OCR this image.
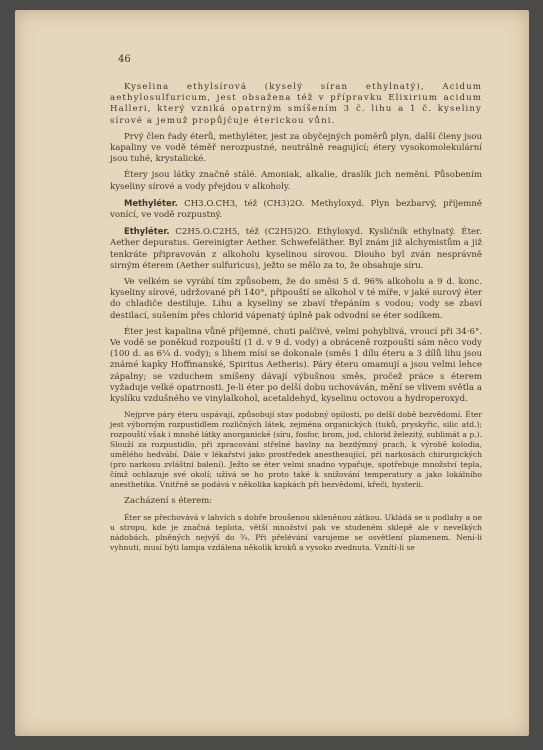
46

Kyselina ethylsírová (kyselý síran ethylnatý), Acidum aethylosulfuricum, jest obsažena též v přípravku Elixirium acidum Halleri, který vzniká opatrným smíšením 3 č. lihu a 1 č. kyseliny sírové a jemuž propůjčuje éterickou vůni.

Prvý člen řady éterů, methyléter, jest za obyčejných poměrů plyn, další členy jsou kapaliny ve vodě téměř nerozpustné, neutrálně reagující; étery vysokomolekulární jsou tuhé, krystalické.

Étery jsou látky značně stálé. Amoniak, alkalie, draslík jich nemění. Působením kyseliny sírové a vody přejdou v alkoholy.

Methyléter. CH3.O.CH3, též (CH3)2O. Methyloxyd. Plyn bezbarvý, příjemně vonící, ve vodě rozpustný.

Ethyléter. C2H5.O.C2H5, též (C2H5)2O. Ethyloxyd. Kysličník ethylnatý. Éter. Aether depuratus. Gereinigter Aether. Schwefeläther. Byl znám již alchymistům a již tenkráte připravován z alkoholu kyselinou sírovou. Dlouho byl zván nesprávně sirným éterem (Aether sulfuricus), ježto se mělo za to, že obsahuje síru.

Ve velkém se vyrábí tím způsobem, že do směsi 5 d. 96% alkoholu a 9 d. konc. kyseliny sírové, udržované při 140°, připouští se alkohol v té míře, v jaké surový éter do chladiče destiluje. Lihu a kyseliny se zbaví třepáním s vodou; vody se zbaví destilací, sušením přes chlorid vápenatý úplně pak odvodní se éter sodíkem.

Éter jest kapalina vůně příjemné, chuti palčivé, velmi pohyblivá, vroucí při 34·6°. Ve vodě se poněkud rozpouští (1 d. v 9 d. vody) a obráceně rozpouští sám něco vody (100 d. as 6¼ d. vody); s lihem mísí se dokonale (směs 1 dílu éteru a 3 dílů lihu jsou známé kapky Hoffmanské, Spiritus Aetheris). Páry éteru omamují a jsou velmi lehce zápalny; se vzduchem smíšeny dávají výbušnou směs, pročež práce s éterem vyžaduje velké opatrnosti. Je-li éter po delší dobu uchováván, mění se vlivem světla a kyslíku vzdušného ve vinylalkohol, acetaldehyd, kyselinu octovou a hydroperoxyd.

Nejprve páry éteru uspávají, způsobují stav podobný opilosti, po delší době bezvědomí. Éter jest výborným rozpustidlem rozličných látek, zejména organických (tuků, pryskyřic, silic atd.); rozpouští však i mnohé látky anorganické (síru, fosfor, brom, jod, chlorid železitý, sublimát a p.). Slouží za rozpustidlo, při zpracování střelné bavlny na bezdýmný prach, k výrobě kolodia, umělého hedvábí. Dále v lékařství jako prostředek anesthesující, při narkosách chirurgických (pro narkosu zvláštní balení). Ježto se éter velmi snadno vypařuje, spotřebuje množství tepla, čímž ochlazuje své okolí; užívá se ho proto také k snižování temperatury a jako lokálního anesthetika. Vnitřně se podává v několika kapkách při bezvědomí, křeči, hysterii.

Zacházení s éterem:

Éter se přechovává v lahvích s dobře broušenou skleněnou zátkou. Ukládá se u podlahy a ne u stropu, kde je značná teplota, větší množství pak ve studeném sklepě ale v nevelkých nádobách, plněných nejvýš do ¾. Při přelévání varujeme se osvětlení plamenem. Není-li vyhnuti, musí býti lampa vzdálena několik kroků a vysoko zvednuta. Vznítí-li se
